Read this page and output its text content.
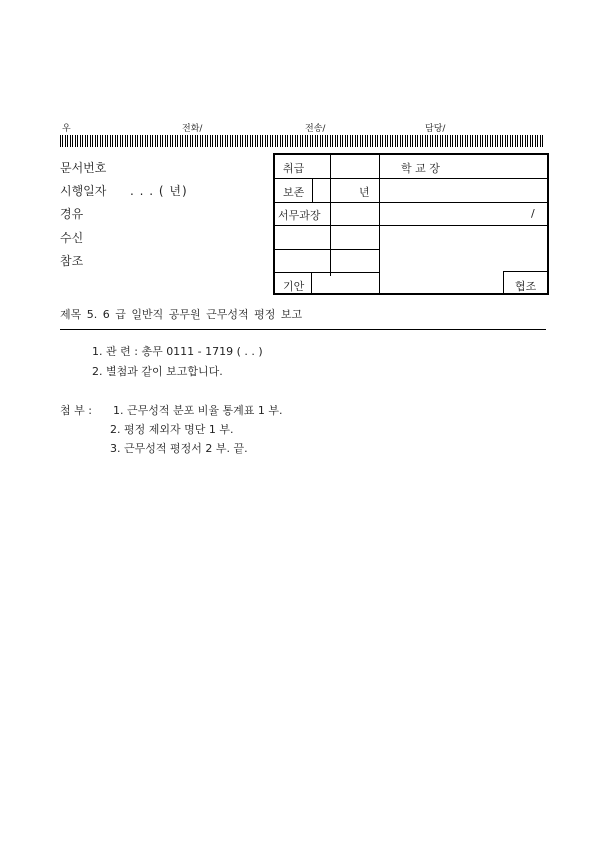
우	전화/	전송/	담당/
문서번호
시행일자 . . . ( 년)
경유
수신
참조
취급	학 교 장
보존	년
서무과장	/
기안	협조
제목 5. 6 급 일반직 공무원 근무성적 평정 보고
1. 관 련 : 총무 0111 - 1719 ( . . )
2. 별첨과 같이 보고합니다.
첨 부 : 1. 근무성적 분포 비율 통계표 1 부.
2. 평정 제외자 명단 1 부.
3. 근무성적 평정서 2 부. 끝.
